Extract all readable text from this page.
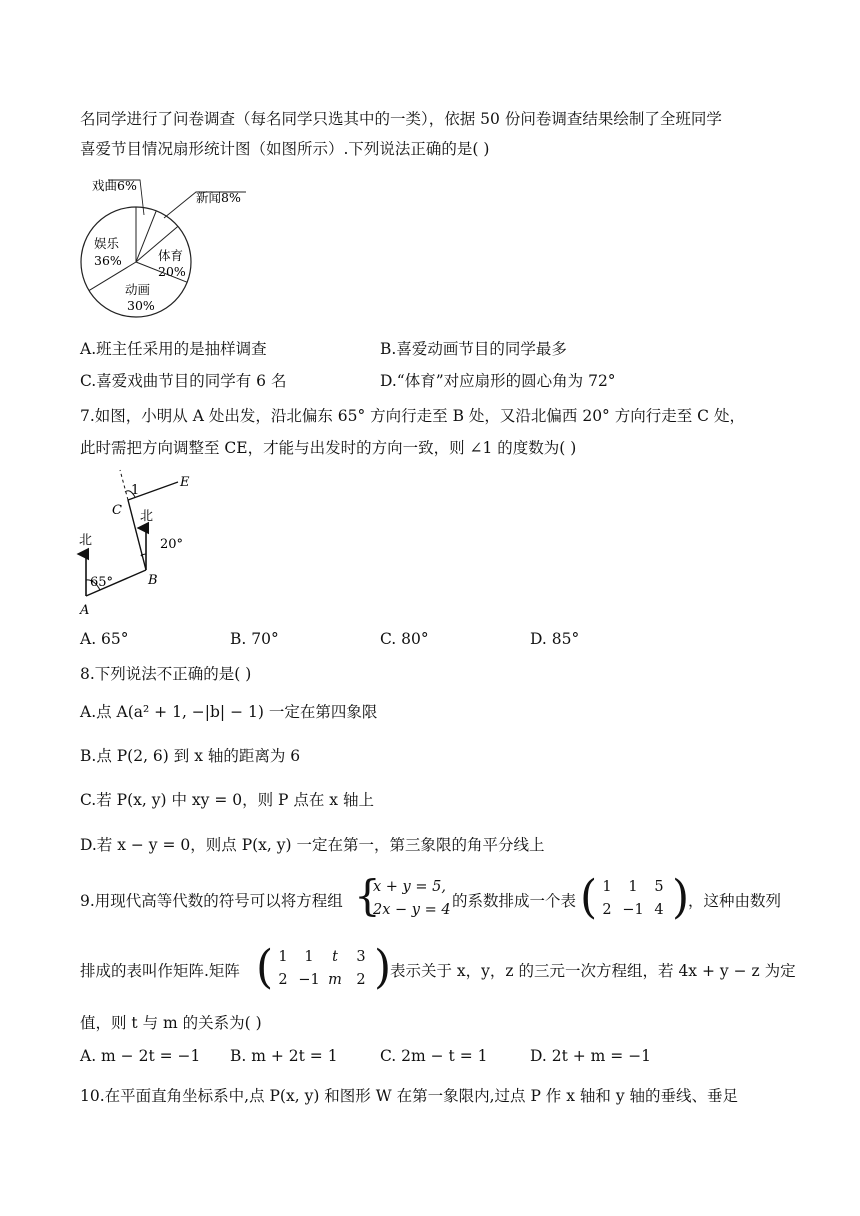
名同学进行了问卷调查（每名同学只选其中的一类），依据 50 份问卷调查结果绘制了全班同学
喜爱节目情况扇形统计图（如图所示）.下列说法正确的是( )
戏曲6%
新闻8%
娱乐
36%	体育
20%
动画
30%
A.班主任采用的是抽样调查	B.喜爱动画节目的同学最多
C.喜爱戏曲节目的同学有 6 名	D.“体育”对应扇形的圆心角为 72°
7.如图，小明从 A 处出发，沿北偏东 65° 方向行走至 B 处，又沿北偏西 20° 方向行走至 C 处，
此时需把方向调整至 CE，才能与出发时的方向一致，则 ∠1 的度数为( )
北
北
1
65°
20°
A
B
C
E
A. 65°	B. 70°	C. 80°	D. 85°
8.下列说法不正确的是( )
A.点 A(a² + 1, −|b| − 1) 一定在第四象限
B.点 P(2, 6) 到 x 轴的距离为 6
C.若 P(x, y) 中 xy = 0，则 P 点在 x 轴上
D.若 x − y = 0，则点 P(x, y) 一定在第一，第三象限的角平分线上
9.用现代高等代数的符号可以将方程组 {
x + y = 5,
2x − y = 4 的系数排成一个表 ( 1 1 5
2 −1 4 )
，这种由数列
排成的表叫作矩阵.矩阵 ( 1 1 t 3
2 −1 m 2 )
表示关于 x，y，z 的三元一次方程组，若 4x + y − z 为定
值，则 t 与 m 的关系为( )
A. m − 2t = −1 B. m + 2t = 1	C. 2m − t = 1	D. 2t + m = −1
10.在平面直角坐标系中,点 P(x, y) 和图形 W 在第一象限内,过点 P 作 x 轴和 y 轴的垂线、垂足
